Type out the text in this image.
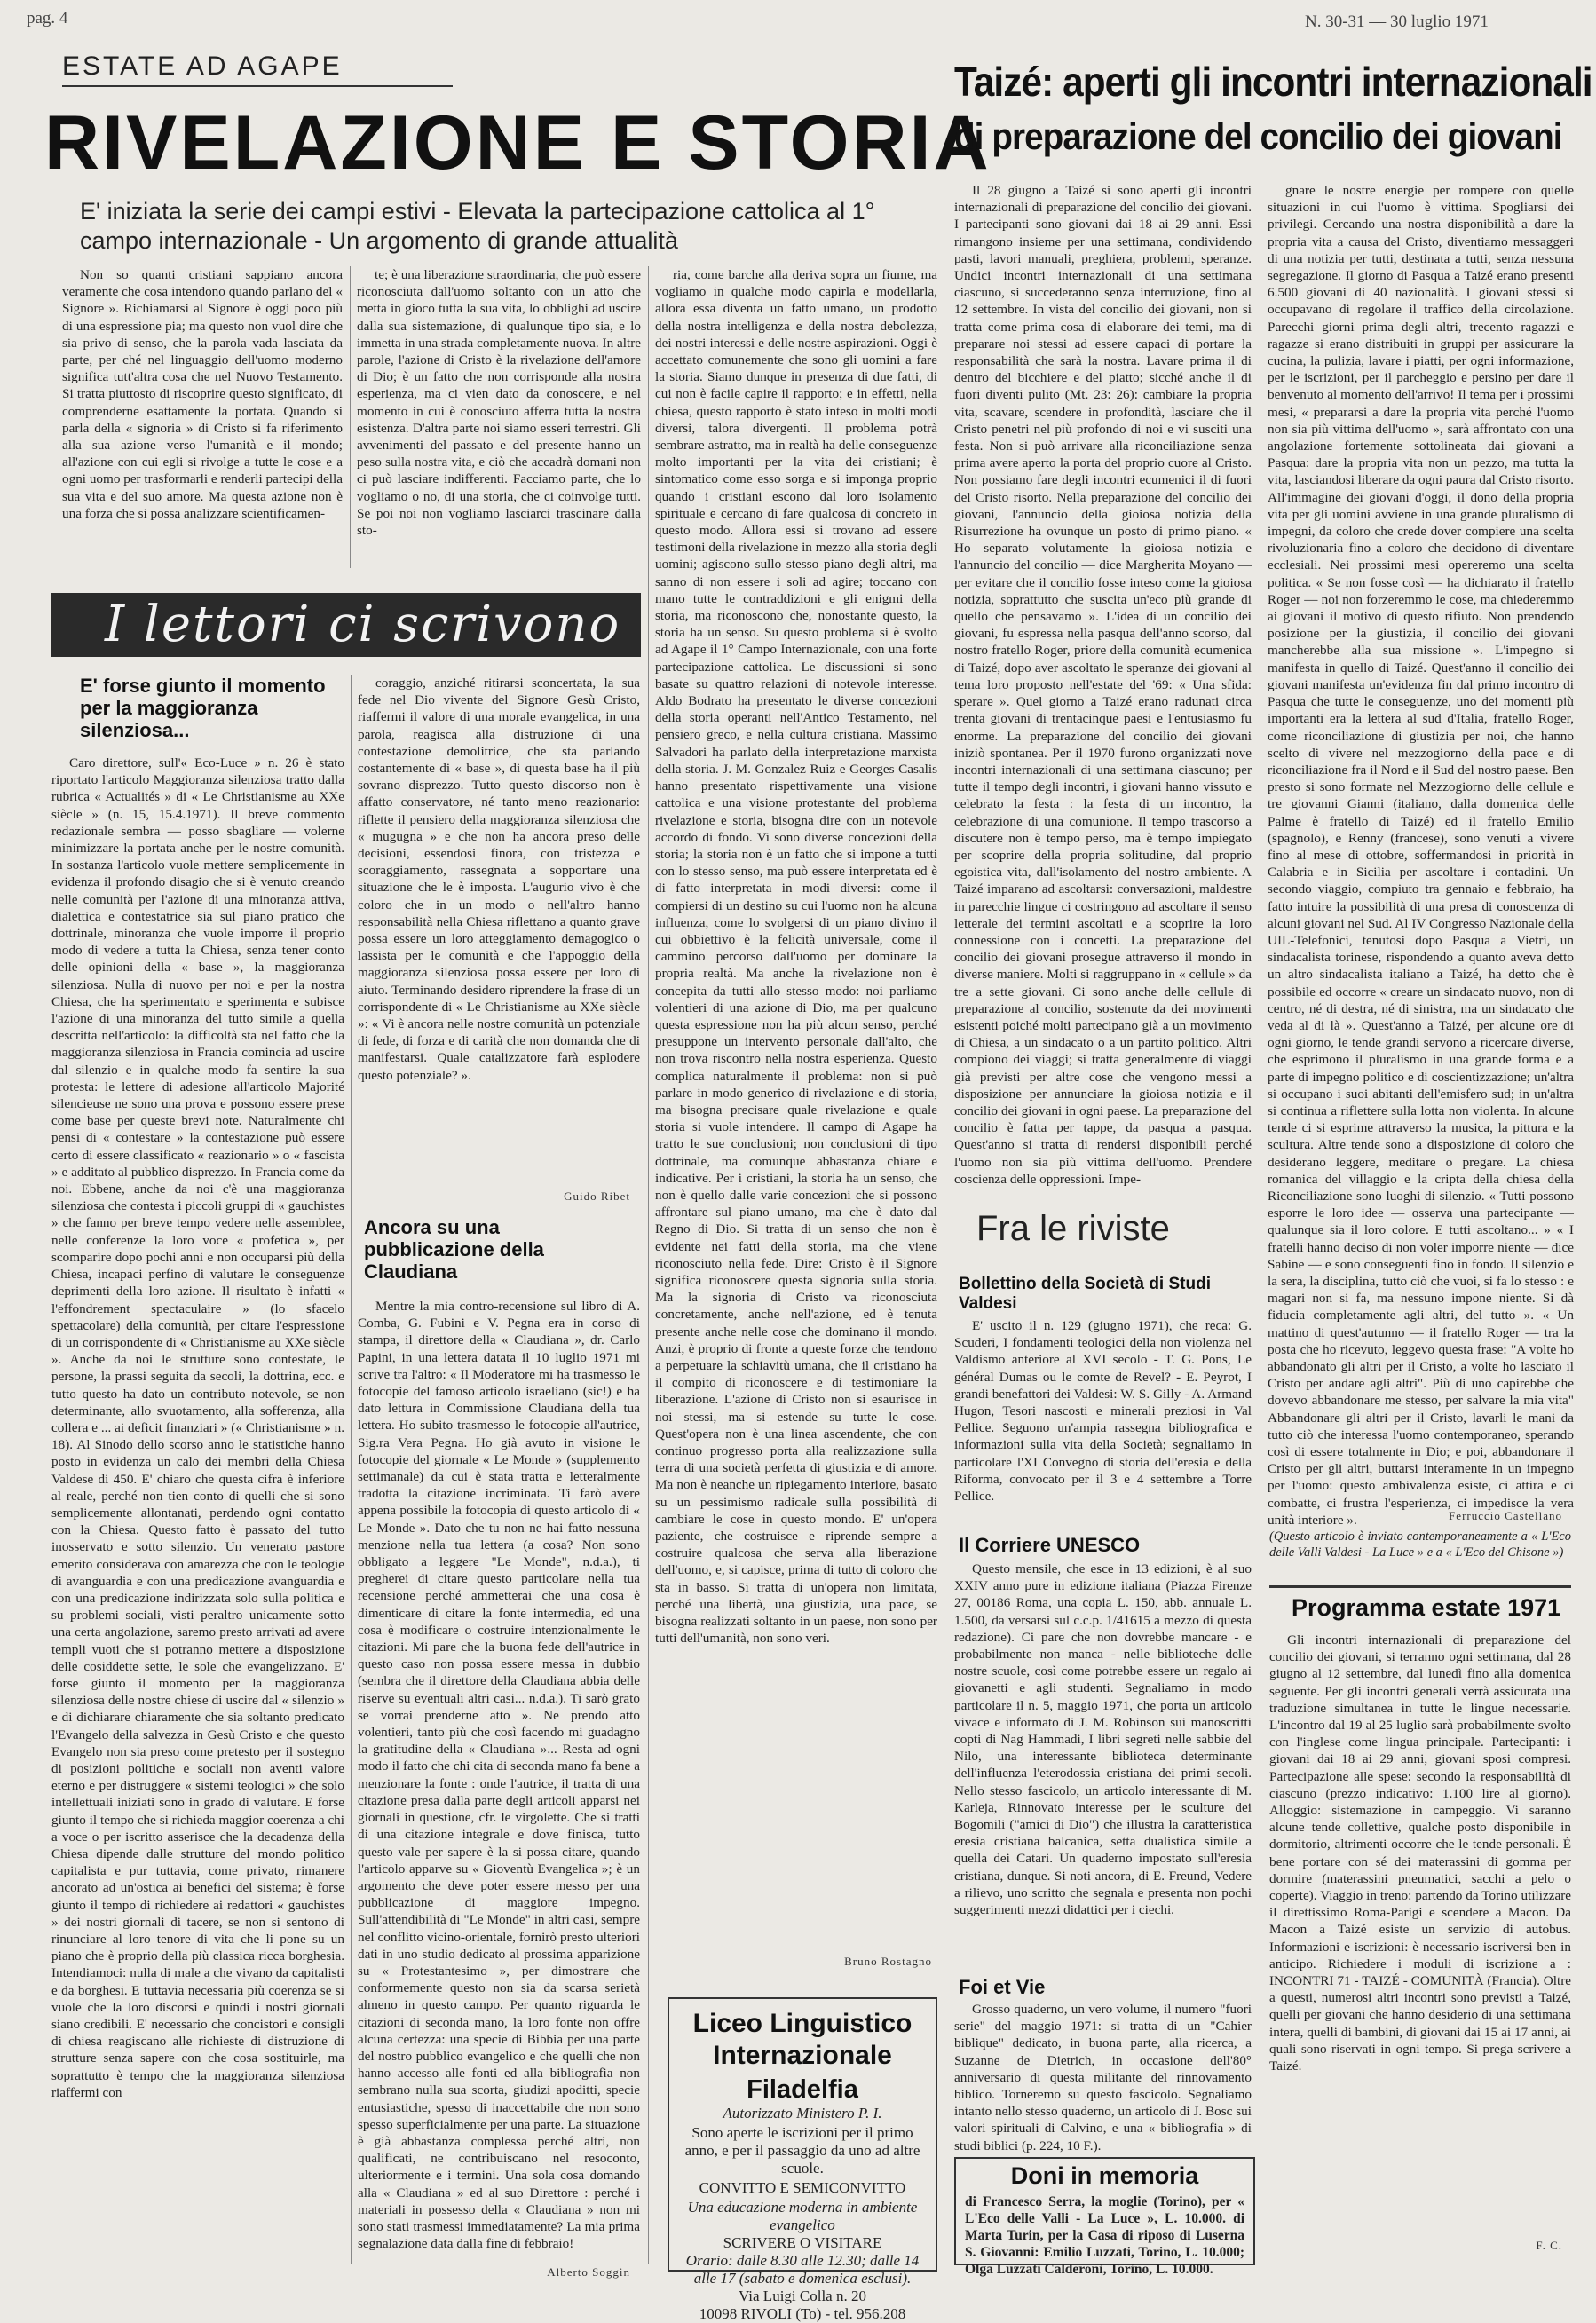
pag. 4	N. 30-31 — 30 luglio 1971
ESTATE AD AGAPE
RIVELAZIONE E STORIA
E' iniziata la serie dei campi estivi - Elevata la partecipazione cattolica al 1° campo internazionale - Un argomento di grande attualità

Non so quanti cristiani sappiano ancora veramente che cosa intendono quando parlano del « Signore ». Richiamarsi al Signore è oggi poco più di una espressione pia; ma questo non vuol dire che sia privo di senso, che la parola vada lasciata da parte, per ché nel linguaggio dell'uomo moderno significa tutt'altra cosa che nel Nuovo Testamento. Si tratta piuttosto di riscoprire questo significato, di comprenderne esattamente la portata. Quando si parla della « signoria » di Cristo si fa riferimento alla sua azione verso l'umanità e il mondo; all'azione con cui egli si rivolge a tutte le cose e a ogni uomo per trasformarli e renderli partecipi della sua vita e del suo amore. Ma questa azione non è una forza che si possa analizzare scientificamen-

te; è una liberazione straordinaria, che può essere riconosciuta dall'uomo soltanto con un atto che metta in gioco tutta la sua vita, lo obblighi ad uscire dalla sua sistemazione, di qualunque tipo sia, e lo immetta in una strada completamente nuova. In altre parole, l'azione di Cristo è la rivelazione dell'amore di Dio; è un fatto che non corrisponde alla nostra esperienza, ma ci vien dato da conoscere, e nel momento in cui è conosciuto afferra tutta la nostra esistenza. D'altra parte noi siamo esseri terrestri. Gli avvenimenti del passato e del presente hanno un peso sulla nostra vita, e ciò che accadrà domani non ci può lasciare indifferenti. Facciamo parte, che lo vogliamo o no, di una storia, che ci coinvolge tutti. Se poi noi non vogliamo lasciarci trascinare dalla sto-

ria, come barche alla deriva sopra un fiume, ma vogliamo in qualche modo capirla e modellarla, allora essa diventa un fatto umano, un prodotto della nostra intelligenza e della nostra debolezza, dei nostri interessi e delle nostre aspirazioni. Oggi è accettato comunemente che sono gli uomini a fare la storia. Siamo dunque in presenza di due fatti, di cui non è facile capire il rapporto; e in effetti, nella chiesa, questo rapporto è stato inteso in molti modi diversi, talora divergenti. Il problema potrà sembrare astratto, ma in realtà ha delle conseguenze molto importanti per la vita dei cristiani; è sintomatico come esso sorga e si imponga proprio quando i cristiani escono dal loro isolamento spirituale e cercano di fare qualcosa di concreto in questo modo. Allora essi si trovano ad essere testimoni della rivelazione in mezzo alla storia degli uomini; agiscono sullo stesso piano degli altri, ma sanno di non essere i soli ad agire; toccano con mano tutte le contraddizioni e gli enigmi della storia, ma riconoscono che, nonostante questo, la storia ha un senso. Su questo problema si è svolto ad Agape il 1° Campo Internazionale, con una forte partecipazione cattolica. Le discussioni si sono basate su quattro relazioni di notevole interesse. Aldo Bodrato ha presentato le diverse concezioni della storia operanti nell'Antico Testamento, nel pensiero greco, e nella cultura cristiana. Massimo Salvadori ha parlato della interpretazione marxista della storia. J. M. Gonzalez Ruiz e Georges Casalis hanno presentato rispettivamente una visione cattolica e una visione protestante del problema rivelazione e storia, bisogna dire con un notevole accordo di fondo. Vi sono diverse concezioni della storia; la storia non è un fatto che si impone a tutti con lo stesso senso, ma può essere interpretata ed è di fatto interpretata in modi diversi: come il compiersi di un destino su cui l'uomo non ha alcuna influenza, come lo svolgersi di un piano divino il cui obbiettivo è la felicità universale, come il cammino percorso dall'uomo per dominare la propria realtà. Ma anche la rivelazione non è concepita da tutti allo stesso modo: noi parliamo volentieri di una azione di Dio, ma per qualcuno questa espressione non ha più alcun senso, perché presuppone un intervento personale dall'alto, che non trova riscontro nella nostra esperienza. Questo complica naturalmente il problema: non si può parlare in modo generico di rivelazione e di storia, ma bisogna precisare quale rivelazione e quale storia si vuole intendere. Il campo di Agape ha tratto le sue conclusioni; non conclusioni di tipo dottrinale, ma comunque abbastanza chiare e indicative. Per i cristiani, la storia ha un senso, che non è quello dalle varie concezioni che si possono affrontare sul piano umano, ma che è dato dal Regno di Dio. Si tratta di un senso che non è evidente nei fatti della storia, ma che viene riconosciuto nella fede. Dire: Cristo è il Signore significa riconoscere questa signoria sulla storia. Ma la signoria di Cristo va riconosciuta concretamente, anche nell'azione, ed è tenuta presente anche nelle cose che dominano il mondo. Anzi, è proprio di fronte a queste forze che tendono a perpetuare la schiavitù umana, che il cristiano ha il compito di riconoscere e di testimoniare la liberazione. L'azione di Cristo non si esaurisce in noi stessi, ma si estende su tutte le cose. Quest'opera non è una linea ascendente, che con continuo progresso porta alla realizzazione sulla terra di una società perfetta di giustizia e di amore. Ma non è neanche un ripiegamento interiore, basato su un pessimismo radicale sulla possibilità di cambiare le cose in questo mondo. E' un'opera paziente, che costruisce e riprende sempre a costruire qualcosa che serva alla liberazione dell'uomo, e, si capisce, prima di tutto di coloro che sta in basso. Si tratta di un'opera non limitata, perché una libertà, una giustizia, una pace, se bisogna realizzati soltanto in un paese, non sono per tutti dell'umanità, non sono veri.

Bruno Rostagno
Taizé: aperti gli incontri internazionali
di preparazione del concilio dei giovani

Il 28 giugno a Taizé si sono aperti gli incontri internazionali di preparazione del concilio dei giovani. I partecipanti sono giovani dai 18 ai 29 anni. Essi rimangono insieme per una settimana, condividendo pasti, lavori manuali, preghiera, problemi, speranze. Undici incontri internazionali di una settimana ciascuno, si succederanno senza interruzione, fino al 12 settembre. In vista del concilio dei giovani, non si tratta come prima cosa di elaborare dei temi, ma di preparare noi stessi ad essere capaci di portare la responsabilità che sarà la nostra. Lavare prima il di dentro del bicchiere e del piatto; sicché anche il di fuori diventi pulito (Mt. 23: 26): cambiare la propria vita, scavare, scendere in profondità, lasciare che il Cristo penetri nel più profondo di noi e vi susciti una festa. Non si può arrivare alla riconciliazione senza prima avere aperto la porta del proprio cuore al Cristo. Non possiamo fare degli incontri ecumenici il di fuori del Cristo risorto. Nella preparazione del concilio dei giovani, l'annuncio della gioiosa notizia della Risurrezione ha ovunque un posto di primo piano. « Ho separato volutamente la gioiosa notizia e l'annuncio del concilio — dice Margherita Moyano — per evitare che il concilio fosse inteso come la gioiosa notizia, soprattutto che suscita un'eco più grande di quello che pensavamo ». L'idea di un concilio dei giovani, fu espressa nella pasqua dell'anno scorso, dal nostro fratello Roger, priore della comunità ecumenica di Taizé, dopo aver ascoltato le speranze dei giovani al tema loro proposto nell'estate del '69: « Una sfida: sperare ». Quel giorno a Taizé erano radunati circa trenta giovani di trentacinque paesi e l'entusiasmo fu enorme. La preparazione del concilio dei giovani iniziò spontanea. Per il 1970 furono organizzati nove incontri internazionali di una settimana ciascuno; per tutte il tempo degli incontri, i giovani hanno vissuto e celebrato la festa : la festa di un incontro, la celebrazione di una comunione. Il tempo trascorso a discutere non è tempo perso, ma è tempo impiegato per scoprire della propria solitudine, dal proprio egoistica vita, dall'isolamento del nostro ambiente. A Taizé imparano ad ascoltarsi: conversazioni, maldestre in parecchie lingue ci costringono ad ascoltare il senso letterale dei termini ascoltati e a scoprire la loro connessione con i concetti. La preparazione del concilio dei giovani prosegue attraverso il mondo in diverse maniere. Molti si raggruppano in « cellule » da tre a sette giovani. Ci sono anche delle cellule di preparazione al concilio, sostenute da dei movimenti esistenti poiché molti partecipano già a un movimento di Chiesa, a un sindacato o a un partito politico. Altri compiono dei viaggi; si tratta generalmente di viaggi già previsti per altre cose che vengono messi a disposizione per annunciare la gioiosa notizia e il concilio dei giovani in ogni paese. La preparazione del concilio è fatta per tappe, da pasqua a pasqua. Quest'anno si tratta di rendersi disponibili perché l'uomo non sia più vittima dell'uomo. Prendere coscienza delle oppressioni. Impe-

gnare le nostre energie per rompere con quelle situazioni in cui l'uomo è vittima. Spogliarsi dei privilegi. Cercando una nostra disponibilità a dare la propria vita a causa del Cristo, diventiamo messaggeri di una notizia per tutti, destinata a tutti, senza nessuna segregazione. Il giorno di Pasqua a Taizé erano presenti 6.500 giovani di 40 nazionalità. I giovani stessi si occupavano di regolare il traffico della circolazione. Parecchi giorni prima degli altri, trecento ragazzi e ragazze si erano distribuiti in gruppi per assicurare la cucina, la pulizia, lavare i piatti, per ogni informazione, per le iscrizioni, per il parcheggio e persino per dare il benvenuto al momento dell'arrivo! Il tema per i prossimi mesi, « prepararsi a dare la propria vita perché l'uomo non sia più vittima dell'uomo », sarà affrontato con una angolazione fortemente sottolineata dai giovani a Pasqua: dare la propria vita non un pezzo, ma tutta la vita, lasciandosi liberare da ogni paura dal Cristo risorto. All'immagine dei giovani d'oggi, il dono della propria vita per gli uomini avviene in una grande pluralismo di impegni, da coloro che crede dover compiere una scelta rivoluzionaria fino a coloro che decidono di diventare ecclesiali. Nei prossimi mesi opereremo una scelta politica. « Se non fosse così — ha dichiarato il fratello Roger — noi non forzeremmo le cose, ma chiederemmo ai giovani il motivo di questo rifiuto. Non prendendo posizione per la giustizia, il concilio dei giovani mancherebbe alla sua missione ». L'impegno si manifesta in quello di Taizé. Quest'anno il concilio dei giovani manifesta un'evidenza fin dal primo incontro di Pasqua che tutte le conseguenze, uno dei momenti più importanti era la lettera al sud d'Italia, fratello Roger, come riconciliazione di giustizia per noi, che hanno scelto di vivere nel mezzogiorno della pace e di riconciliazione fra il Nord e il Sud del nostro paese. Ben presto si sono formate nel Mezzogiorno delle cellule e tre giovanni Gianni (italiano, dalla domenica delle Palme è fratello di Taizé) ed il fratello Emilio (spagnolo), e Renny (francese), sono venuti a vivere fino al mese di ottobre, soffermandosi in priorità in Calabria e in Sicilia per ascoltare i contadini. Un secondo viaggio, compiuto tra gennaio e febbraio, ha fatto intuire la possibilità di una presa di conoscenza di alcuni giovani nel Sud. Al IV Congresso Nazionale della UIL-Telefonici, tenutosi dopo Pasqua a Vietri, un sindacalista torinese, rispondendo a quanto aveva detto un altro sindacalista italiano a Taizé, ha detto che è possibile ed occorre « creare un sindacato nuovo, non di centro, né di destra, né di sinistra, ma un sindacato che veda al di là ». Quest'anno a Taizé, per alcune ore di ogni giorno, le tende grandi servono a ricercare diverse, che esprimono il pluralismo in una grande forma e a parte di impegno politico e di coscientizzazione; un'altra si occupano i suoi abitanti dell'emisfero sud; in un'altra si continua a riflettere sulla lotta non violenta. In alcune tende ci si esprime attraverso la musica, la pittura e la scultura. Altre tende sono a disposizione di coloro che desiderano leggere, meditare o pregare. La chiesa romanica del villaggio e la cripta della chiesa della Riconciliazione sono luoghi di silenzio. « Tutti possono esporre le loro idee — osserva una partecipante — qualunque sia il loro colore. E tutti ascoltano... » « I fratelli hanno deciso di non voler imporre niente — dice Sabine — e sono conseguenti fino in fondo. Il silenzio e la sera, la disciplina, tutto ciò che vuoi, si fa lo stesso : e magari non si fa, ma nessuno impone niente. Si dà fiducia completamente agli altri, del tutto ». « Un mattino di quest'autunno — il fratello Roger — tra la posta che ho ricevuto, leggevo questa frase: "A volte ho abbandonato gli altri per il Cristo, a volte ho lasciato il Cristo per andare agli altri". Più di uno capirebbe che dovevo abbandonare me stesso, per salvare la mia vita" Abbandonare gli altri per il Cristo, lavarli le mani da tutto ciò che interessa l'uomo contemporaneo, sperando così di essere totalmente in Dio; e poi, abbandonare il Cristo per gli altri, buttarsi interamente in un impegno per l'uomo: questo ambivalenza esiste, ci attira e ci combatte, ci frustra l'esperienza, ci impedisce la vera unità interiore ».	Ferruccio Castellano

(Questo articolo è inviato contemporaneamente a « L'Eco delle Valli Valdesi - La Luce » e a « L'Eco del Chisone »)

I lettori ci scrivono
E' forse giunto il momento per la maggioranza silenziosa...

Caro direttore, sull'« Eco-Luce » n. 26 è stato riportato l'articolo Maggioranza silenziosa tratto dalla rubrica « Actualités » di « Le Christianisme au XXe siècle » (n. 15, 15.4.1971). Il breve commento redazionale sembra — posso sbagliare — volerne minimizzare la portata anche per le nostre comunità. In sostanza l'articolo vuole mettere semplicemente in evidenza il profondo disagio che si è venuto creando nelle comunità per l'azione di una minoranza attiva, dialettica e contestatrice sia sul piano pratico che dottrinale, minoranza che vuole imporre il proprio modo di vedere a tutta la Chiesa, senza tener conto delle opinioni della « base », la maggioranza silenziosa. Nulla di nuovo per noi e per la nostra Chiesa, che ha sperimentato e sperimenta e subisce l'azione di una minoranza del tutto simile a quella descritta nell'articolo: la difficoltà sta nel fatto che la maggioranza silenziosa in Francia comincia ad uscire dal silenzio e in qualche modo fa sentire la sua protesta: le lettere di adesione all'articolo Majorité silencieuse ne sono una prova e possono essere prese come base per queste brevi note. Naturalmente chi pensi di « contestare » la contestazione può essere certo di essere classificato « reazionario » o « fascista » e additato al pubblico disprezzo. In Francia come da noi. Ebbene, anche da noi c'è una maggioranza silenziosa che contesta i piccoli gruppi di « gauchistes » che fanno per breve tempo vedere nelle assemblee, nelle conferenze la loro voce « profetica », per scomparire dopo pochi anni e non occuparsi più della Chiesa, incapaci perfino di valutare le conseguenze deprimenti della loro azione. Il risultato è infatti « l'effondrement spectaculaire » (lo sfacelo spettacolare) della comunità, per citare l'espressione di un corrispondente di « Christianisme au XXe siècle ». Anche da noi le strutture sono contestate, le persone, la prassi seguita da secoli, la dottrina, ecc. e tutto questo ha dato un contributo notevole, se non determinante, allo svuotamento, alla sofferenza, alla collera e ... ai deficit finanziari » (« Christianisme » n. 18). Al Sinodo dello scorso anno le statistiche hanno posto in evidenza un calo dei membri della Chiesa Valdese di 450. E' chiaro che questa cifra è inferiore al reale, perché non tien conto di quelli che si sono semplicemente allontanati, perdendo ogni contatto con la Chiesa. Questo fatto è passato del tutto inosservato e sotto silenzio. Un venerato pastore emerito considerava con amarezza che con le teologie di avanguardia e con una predicazione avanguardia e con una predicazione indirizzata solo sulla politica e su problemi sociali, visti peraltro unicamente sotto una certa angolazione, saremo presto arrivati ad avere templi vuoti che si potranno mettere a disposizione delle cosiddette sette, le sole che evangelizzano. E' forse giunto il momento per la maggioranza silenziosa delle nostre chiese di uscire dal « silenzio » e di dichiarare chiaramente che sia soltanto predicato l'Evangelo della salvezza in Gesù Cristo e che questo Evangelo non sia preso come pretesto per il sostegno di posizioni politiche e sociali non aventi valore eterno e per distruggere « sistemi teologici » che solo intellettuali iniziati sono in grado di valutare. E forse giunto il tempo che si richieda maggior coerenza a chi a voce o per iscritto asserisce che la decadenza della Chiesa dipende dalle strutture del mondo politico capitalista e pur tuttavia, come privato, rimanere ancorato ad un'ostica ai benefici del sistema; è forse giunto il tempo di richiedere ai redattori « gauchistes » dei nostri giornali di tacere, se non si sentono di rinunciare al loro tenore di vita che li pone su un piano che è proprio della più classica ricca borghesia. Intendiamoci: nulla di male a che vivano da capitalisti e da borghesi. E tuttavia necessaria più coerenza se si vuole che la loro discorsi e quindi i nostri giornali siano credibili. E' necessario che concistori e consigli di chiesa reagiscano alle richieste di distruzione di strutture senza sapere con che cosa sostituirle, ma soprattutto è tempo che la maggioranza silenziosa riaffermi con

coraggio, anziché ritirarsi sconcertata, la sua fede nel Dio vivente del Signore Gesù Cristo, riaffermi il valore di una morale evangelica, in una parola, reagisca alla distruzione di una contestazione demolitrice, che sta parlando costantemente di « base », di questa base ha il più sovrano disprezzo. Tutto questo discorso non è affatto conservatore, né tanto meno reazionario: riflette il pensiero della maggioranza silenziosa che « mugugna » e che non ha ancora preso delle decisioni, essendosi finora, con tristezza e scoraggiamento, rassegnata a sopportare una situazione che le è imposta. L'augurio vivo è che coloro che in un modo o nell'altro hanno responsabilità nella Chiesa riflettano a quanto grave possa essere un loro atteggiamento demagogico o lassista per le comunità e che l'appoggio della maggioranza silenziosa possa essere per loro di aiuto. Terminando desidero riprendere la frase di un corrispondente di « Le Christianisme au XXe siècle »: « Vi è ancora nelle nostre comunità un potenziale di fede, di forza e di carità che non domanda che di manifestarsi. Quale catalizzatore farà esplodere questo potenziale? ».

Guido Ribet
Ancora su una pubblicazione della Claudiana

Mentre la mia contro-recensione sul libro di A. Comba, G. Fubini e V. Pegna era in corso di stampa, il direttore della « Claudiana », dr. Carlo Papini, in una lettera datata il 10 luglio 1971 mi scrive tra l'altro: « Il Moderatore mi ha trasmesso le fotocopie del famoso articolo israeliano (sic!) e ha dato lettura in Commissione Claudiana della tua lettera. Ho subito trasmesso le fotocopie all'autrice, Sig.ra Vera Pegna. Ho già avuto in visione le fotocopie del giornale « Le Monde » (supplemento settimanale) da cui è stata tratta e letteralmente tradotta la citazione incriminata. Ti farò avere appena possibile la fotocopia di questo articolo di « Le Monde ». Dato che tu non ne hai fatto nessuna menzione nella tua lettera (a cosa? Non sono obbligato a leggere "Le Monde", n.d.a.), ti pregherei di citare questo particolare nella tua recensione perché ammetterai che una cosa è dimenticare di citare la fonte intermedia, ed una cosa è modificare o costruire intenzionalmente le citazioni. Mi pare che la buona fede dell'autrice in questo caso non possa essere messa in dubbio (sembra che il direttore della Claudiana abbia delle riserve su eventuali altri casi... n.d.a.). Ti sarò grato se vorrai prenderne atto ». Ne prendo atto volentieri, tanto più che così facendo mi guadagno la gratitudine della « Claudiana »... Resta ad ogni modo il fatto che chi cita di seconda mano fa bene a menzionare la fonte : onde l'autrice, il tratta di una citazione presa dalla parte degli articoli apparsi nei giornali in questione, cfr. le virgolette. Che si tratti di una citazione integrale e dove finisca, tutto questo vale per sapere è la si possa citare, quando l'articolo apparve su « Gioventù Evangelica »; è un argomento che deve poter essere messo per una pubblicazione di maggiore impegno. Sull'attendibilità di "Le Monde" in altri casi, sempre nel conflitto vicino-orientale, fornirò presto ulteriori dati in uno studio dedicato al prossima apparizione su « Protestantesimo », per dimostrare che conformemente questo non sia da scarsa serietà almeno in questo campo. Per quanto riguarda le citazioni di seconda mano, la loro fonte non offre alcuna certezza: una specie di Bibbia per una parte del nostro pubblico evangelico e che quelli che non hanno accesso alle fonti ed alla bibliografia non sembrano nulla sua scorta, giudizi apoditti, specie entusiastiche, spesso di inaccettabile che non sono spesso superficialmente per una parte. La situazione è già abbastanza complessa perché altri, non qualificati, ne contribuiscano nel resoconto, ulteriormente e i termini. Una sola cosa domando alla « Claudiana » ed al suo Direttore : perché i materiali in possesso della « Claudiana » non mi sono stati trasmessi immediatamente? La mia prima segnalazione data dalla fine di febbraio!

Alberto Soggin
Fra le riviste
Bollettino della Società di Studi Valdesi

E' uscito il n. 129 (giugno 1971), che reca: G. Scuderi, I fondamenti teologici della non violenza nel Valdismo anteriore al XVI secolo - T. G. Pons, Le général Dumas ou le comte de Revel? - E. Peyrot, I grandi benefattori dei Valdesi: W. S. Gilly - A. Armand Hugon, Tesori nascosti e minerali preziosi in Val Pellice. Seguono un'ampia rassegna bibliografica e informazioni sulla vita della Società; segnaliamo in particolare l'XI Convegno di storia dell'eresia e della Riforma, convocato per il 3 e 4 settembre a Torre Pellice.

Il Corriere UNESCO

Questo mensile, che esce in 13 edizioni, è al suo XXIV anno pure in edizione italiana (Piazza Firenze 27, 00186 Roma, una copia L. 150, abb. annuale L. 1.500, da versarsi sul c.c.p. 1/41615 a mezzo di questa redazione). Ci pare che non dovrebbe mancare - e probabilmente non manca - nelle biblioteche delle nostre scuole, così come potrebbe essere un regalo ai giovanetti e agli studenti. Segnaliamo in modo particolare il n. 5, maggio 1971, che porta un articolo vivace e informato di J. M. Robinson sui manoscritti copti di Nag Hammadi, I libri segreti nelle sabbie del Nilo, una interessante biblioteca determinante dell'influenza l'eterodossia cristiana dei primi secoli. Nello stesso fascicolo, un articolo interessante di M. Karleja, Rinnovato interesse per le sculture dei Bogomili ("amici di Dio") che illustra la caratteristica eresia cristiana balcanica, setta dualistica simile a quella dei Catari. Un quaderno impostato sull'eresia cristiana, dunque. Si noti ancora, di E. Freund, Vedere a rilievo, uno scritto che segnala e presenta non pochi suggerimenti mezzi didattici per i ciechi.

Foi et Vie

Grosso quaderno, un vero volume, il numero "fuori serie" del maggio 1971: si tratta di un "Cahier biblique" dedicato, in buona parte, alla ricerca, a Suzanne de Dietrich, in occasione dell'80° anniversario di questa militante del rinnovamento biblico. Torneremo su questo fascicolo. Segnaliamo intanto nello stesso quaderno, un articolo di J. Bosc sui valori spirituali di Calvino, e una « bibliografia » di studi biblici (p. 224, 10 F.).

Liceo Linguistico
Internazionale
Filadelfia
Autorizzato Ministero P. I.
Sono aperte le iscrizioni per il primo anno, e per il passaggio da uno ad altre scuole.
CONVITTO E SEMICONVITTO
Una educazione moderna in ambiente evangelico
SCRIVERE O VISITARE
Orario: dalle 8.30 alle 12.30; dalle 14 alle 17 (sabato e domenica esclusi).
Via Luigi Colla n. 20
10098 RIVOLI (To) - tel. 956.208
Doni in memoria
di Francesco Serra, la moglie (Torino), per « L'Eco delle Valli - La Luce », L. 10.000. di Marta Turin, per la Casa di riposo di Luserna S. Giovanni: Emilio Luzzati, Torino, L. 10.000; Olga Luzzati Calderoni, Torino, L. 10.000.
Programma estate 1971

Gli incontri internazionali di preparazione del concilio dei giovani, si terranno ogni settimana, dal 28 giugno al 12 settembre, dal lunedì fino alla domenica seguente. Per gli incontri generali verrà assicurata una traduzione simultanea in tutte le lingue necessarie. L'incontro dal 19 al 25 luglio sarà probabilmente svolto con l'inglese come lingua principale. Partecipanti: i giovani dai 18 ai 29 anni, giovani sposi compresi. Partecipazione alle spese: secondo la responsabilità di ciascuno (prezzo indicativo: 1.100 lire al giorno). Alloggio: sistemazione in campeggio. Vi saranno alcune tende collettive, qualche posto disponibile in dormitorio, altrimenti occorre che le tende personali. È bene portare con sé dei materassini di gomma per dormire (materassini pneumatici, sacchi a pelo o coperte). Viaggio in treno: partendo da Torino utilizzare il direttissimo Roma-Parigi e scendere a Macon. Da Macon a Taizé esiste un servizio di autobus. Informazioni e iscrizioni: è necessario iscriversi ben in anticipo. Richiedere i moduli di iscrizione a : INCONTRI 71 - TAIZÉ - COMUNITÀ (Francia). Oltre a questi, numerosi altri incontri sono previsti a Taizé, quelli per giovani che hanno desiderio di una settimana intera, quelli di bambini, di giovani dai 15 ai 17 anni, ai quali sono riservati in ogni tempo. Si prega scrivere a Taizé.

F. C.
